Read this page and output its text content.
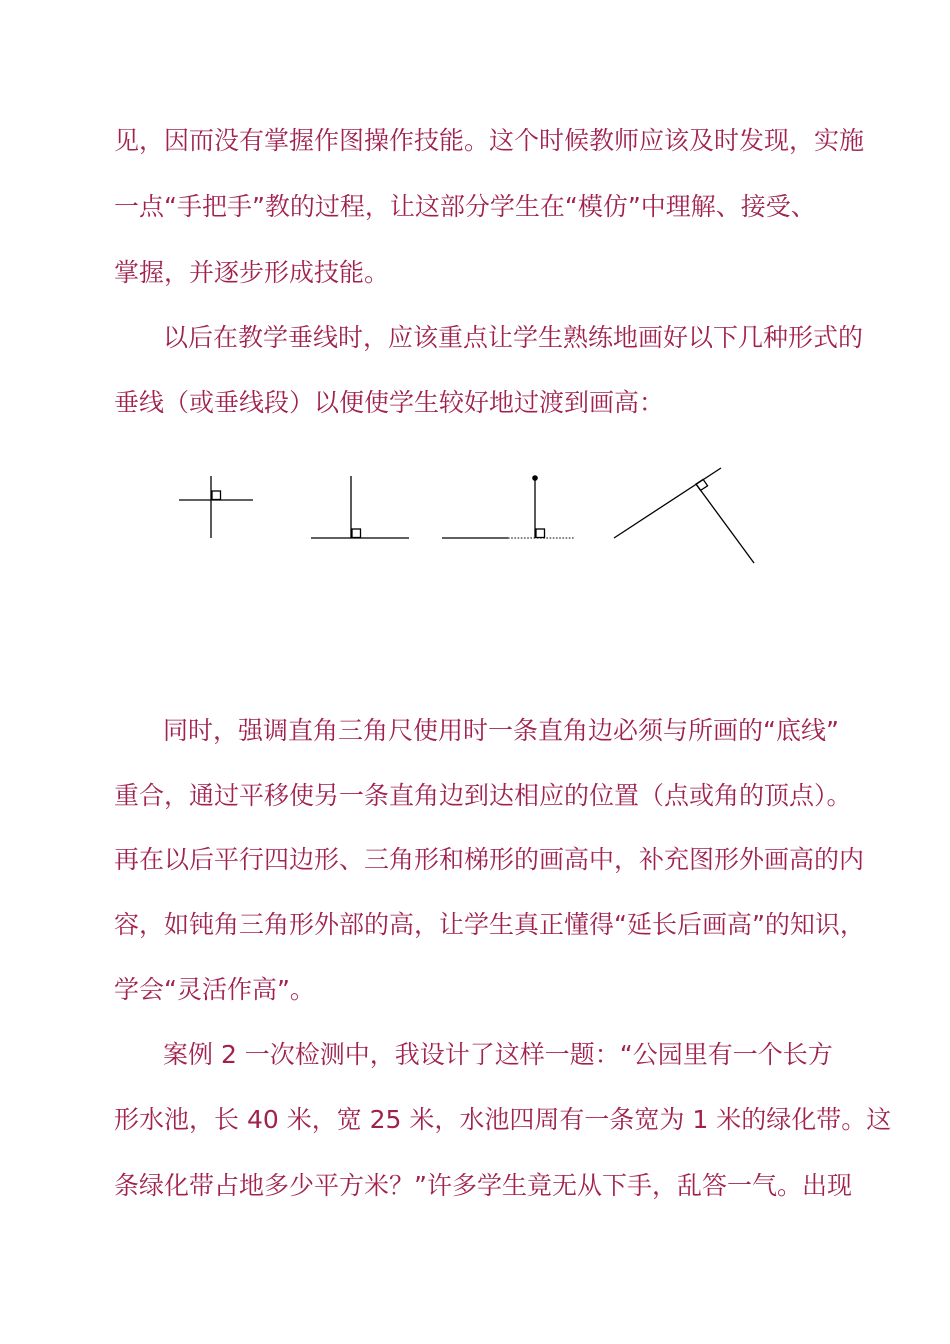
见，因而没有掌握作图操作技能。这个时候教师应该及时发现，实施
一点“手把手”教的过程，让这部分学生在“模仿”中理解、接受、
掌握，并逐步形成技能。
以后在教学垂线时，应该重点让学生熟练地画好以下几种形式的
垂线（或垂线段）以便使学生较好地过渡到画高：
同时，强调直角三角尺使用时一条直角边必须与所画的“底线”
重合，通过平移使另一条直角边到达相应的位置（点或角的顶点）。
再在以后平行四边形、三角形和梯形的画高中，补充图形外画高的内
容，如钝角三角形外部的高，让学生真正懂得“延长后画高”的知识，
学会“灵活作高”。
案例 2 一次检测中，我设计了这样一题：“公园里有一个长方
形水池，长 40 米，宽 25 米，水池四周有一条宽为 1 米的绿化带。这
条绿化带占地多少平方米？”许多学生竟无从下手，乱答一气。出现
